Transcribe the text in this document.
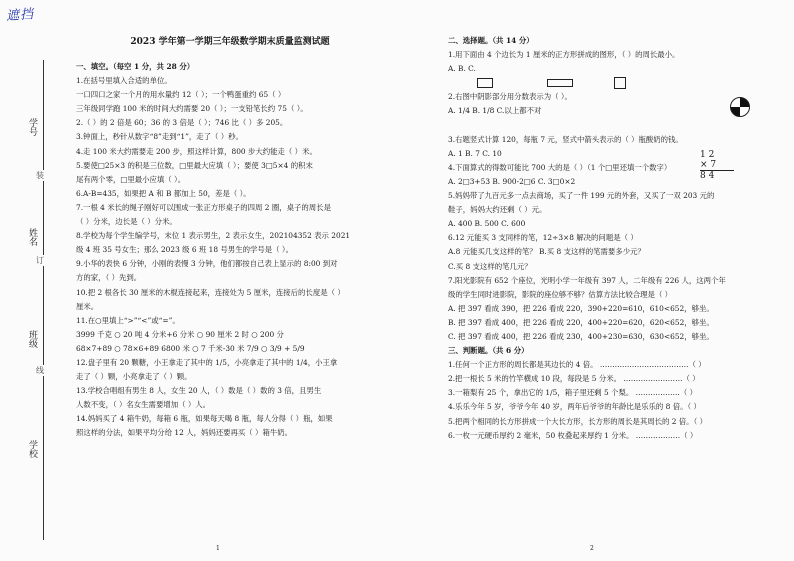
遮挡
学号
姓名
班级
学校
装
订
线
2023 学年第一学期三年级数学期末质量监测试题
一、填空。（每空 1 分，共 28 分）
1.在括号里填入合适的单位。
一口四口之家一个月的用水量约 12（ ）；一个鸭蛋重约 65（ ）
三年级同学跑 100 米的时间大约需要 20（ ）；一支铅笔长约 75（ ）。
2.（ ）的 2 倍是 60；36 的 3 倍是（ ）；746 比（ ）多 205。
3.钟面上，秒针从数字“8”走到“1”，走了（ ）秒。
4.走 100 米大约需要走 200 步，照这样计算，800 步大约能走（ ）米。
5.要使□25×3 的积是三位数，□里最大应填（ ）；要使 3□5×4 的积末
尾有两个零，□里最小应填（ ）。
6.A-B=435，如果把 A 和 B 都加上 50，差是（ ）。
7.一根 4 米长的绳子刚好可以围成一张正方形桌子的四周 2 圈，桌子的周长是
（ ）分米，边长是（ ）分米。
8.学校为每个学生编学号，末位 1 表示男生，2 表示女生，202104352 表示 2021
级 4 班 35 号女生；那么 2023 级 6 班 18 号男生的学号是（ ）。
9.小华的表快 6 分钟，小刚的表慢 3 分钟，他们都按自己表上显示的 8:00 到对
方的家，（ ）先到。
10.把 2 根各长 30 厘米的木棍连接起来，连接处为 5 厘米，连接后的长度是（ ）
厘米。
11.在○里填上“>”“<”或“=”。
3999 千克 ○ 20 吨 4 分米+6 分米 ○ 90 厘米 2 时 ○ 200 分
68×7+89 ○ 78×6+89 6800 米 ○ 7 千米-30 米 7/9 ○ 3/9 + 5/9
12.盘子里有 20 颗糖，小王拿走了其中的 1/5，小亮拿走了其中的 1/4，小王拿
走了（ ）颗，小亮拿走了（ ）颗。
13.学校合唱组有男生 8 人，女生 20 人，（ ）数是（ ）数的 3 倍，且男生
人数不变，（ ）名女生需要增加（ ）人。
14.妈妈买了 4 箱牛奶，每箱 6 瓶，如果每天喝 8 瓶，每人分得（ ）瓶，如果
照这样的分法，如果平均分给 12 人，妈妈还要再买（ ）箱牛奶。
二、选择题。（共 14 分）
1.用下面由 4 个边长为 1 厘米的正方形拼成的图形，（ ）的周长最小。
A. B. C.
2.右图中阴影部分用分数表示为（ ）。
A. 1/4 B. 1/8 C.以上都不对
3.右题竖式计算 120，每瓶 7 元，竖式中箭头表示的（ ）瓶酸奶的钱。
A. 1 B. 7 C. 10
4.下面算式的得数可能比 700 大的是（ ）（1 个□里还填一个数字）
A. 2□3+53 B. 900-2□6 C. 3□0×2
5.妈妈带了九百元多一点去商场，买了一件 199 元的外套，又买了一双 203 元的
鞋子，妈妈大约还剩（ ）元。
A. 400 B. 500 C. 600
6.12 元能买 3 支同样的笔，12÷3×8 解决的问题是（ ）
A.8 元能买几支这样的笔？ B.买 8 支这样的笔需要多少元？
C.买 8 支这样的笔几元？
7.阳光影院有 652 个座位，光明小学一年级有 397 人，二年级有 226 人，这两个年
级的学生同时进影院，影院的座位够不够？估算方法比较合理是（ ）
A. 把 397 看成 390，把 226 看成 220，390+220=610，610<652，够坐。
B. 把 397 看成 400，把 226 看成 220，400+220=620，620<652，够坐。
C. 把 397 看成 400，把 226 看成 230，400+230=630，630<652，够坐。
三、判断题。（共 6 分）
1.任何一个正方形的周长都是其边长的 4 倍。 ………………………………（ ）
2.把一根长 5 米的竹竿横成 10 段，每段是 5 分米。 ……………………（ ）
3.一箱梨有 25 个，拿出它的 1/5，箱子里还剩 5 个梨。 ………………（ ）
4.乐乐今年 5 岁，爷爷今年 40 岁，两年后爷爷的年龄比是乐乐的 8 倍。（ ）
5.把两个相同的长方形拼成一个大长方形，长方形的周长是其周长的 2 倍。（ ）
6.一枚一元硬币厚约 2 毫米，50 枚叠起来厚约 1 分米。 ………………（ ）
1 2
× 7
8 4
1	2
